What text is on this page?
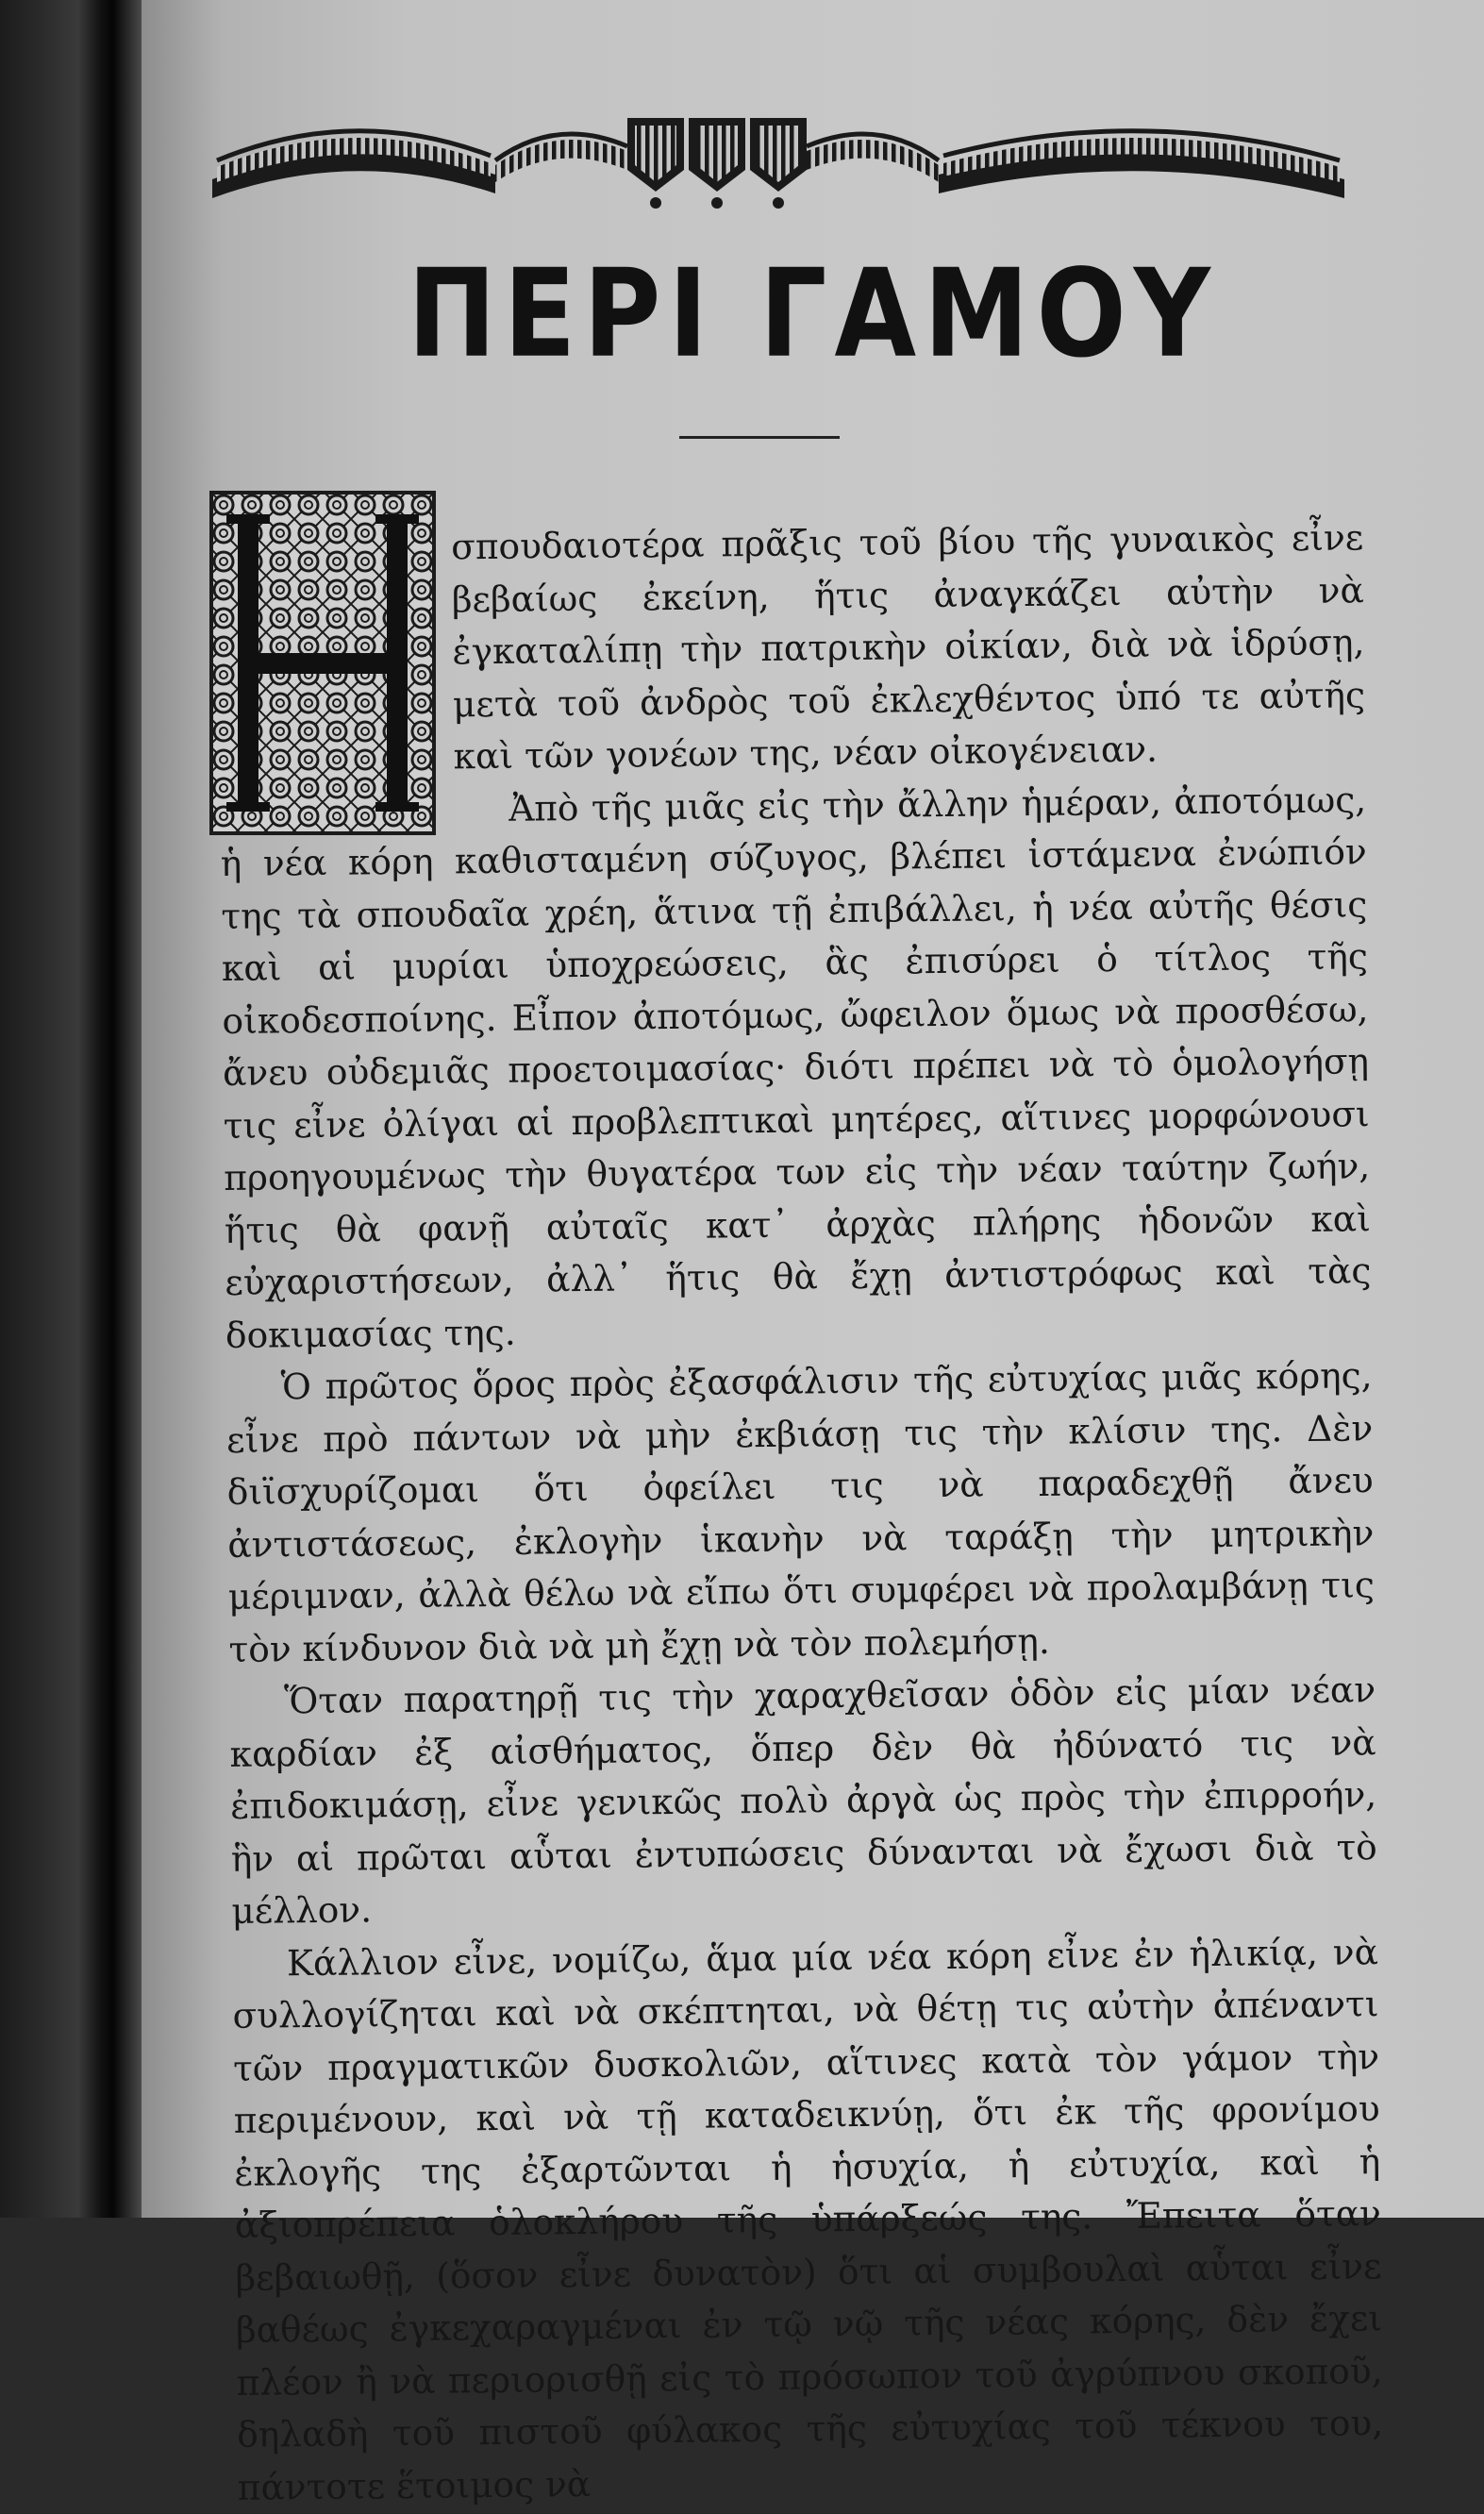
ΠΕΡΙ ΓΑΜΟΥ

σπουδαιοτέρα πρᾶξις τοῦ βίου τῆς γυναικὸς εἶνε βεβαίως ἐκείνη, ἥτις ἀναγκάζει αὐτὴν νὰ ἐγκαταλίπῃ τὴν πατρικὴν οἰκίαν, διὰ νὰ ἱδρύσῃ, μετὰ τοῦ ἀνδρὸς τοῦ ἐκλεχθέντος ὑπό τε αὐτῆς καὶ τῶν γονέων της, νέαν οἰκογένειαν.

Ἀπὸ τῆς μιᾶς εἰς τὴν ἄλλην ἡμέραν, ἀποτόμως, ἡ νέα κόρη καθισταμένη σύζυγος, βλέπει ἱστάμενα ἐνώπιόν της τὰ σπουδαῖα χρέη, ἅτινα τῇ ἐπιβάλλει, ἡ νέα αὐτῆς θέσις καὶ αἱ μυρίαι ὑποχρεώσεις, ἃς ἐπισύρει ὁ τίτλος τῆς οἰκοδεσποίνης. Εἶπον ἀποτόμως, ὤφειλον ὅμως νὰ προσθέσω, ἄνευ οὐδεμιᾶς προετοιμασίας· διότι πρέπει νὰ τὸ ὁμολογήσῃ τις εἶνε ὀλίγαι αἱ προβλεπτικαὶ μητέρες, αἵτινες μορφώνουσι προηγουμένως τὴν θυγατέρα των εἰς τὴν νέαν ταύτην ζωήν, ἥτις θὰ φανῇ αὐταῖς κατ᾽ ἀρχὰς πλήρης ἡδονῶν καὶ εὐχαριστήσεων, ἀλλ᾽ ἥτις θὰ ἔχῃ ἀντιστρόφως καὶ τὰς δοκιμασίας της.

Ὁ πρῶτος ὅρος πρὸς ἐξασφάλισιν τῆς εὐτυχίας μιᾶς κόρης, εἶνε πρὸ πάντων νὰ μὴν ἐκβιάσῃ τις τὴν κλίσιν της. Δὲν διϊσχυρίζομαι ὅτι ὀφείλει τις νὰ παραδεχθῇ ἄνευ ἀντιστάσεως, ἐκλογὴν ἱκανὴν νὰ ταράξῃ τὴν μητρικὴν μέριμναν, ἀλλὰ θέλω νὰ εἴπω ὅτι συμφέρει νὰ προλαμβάνῃ τις τὸν κίνδυνον διὰ νὰ μὴ ἔχῃ νὰ τὸν πολεμήσῃ.

Ὅταν παρατηρῇ τις τὴν χαραχθεῖσαν ὁδὸν εἰς μίαν νέαν καρδίαν ἐξ αἰσθήματος, ὅπερ δὲν θὰ ἠδύνατό τις νὰ ἐπιδοκιμάσῃ, εἶνε γενικῶς πολὺ ἀργὰ ὡς πρὸς τὴν ἐπιρροήν, ἣν αἱ πρῶται αὗται ἐντυπώσεις δύνανται νὰ ἔχωσι διὰ τὸ μέλλον.

Κάλλιον εἶνε, νομίζω, ἅμα μία νέα κόρη εἶνε ἐν ἡλικίᾳ, νὰ συλλογίζηται καὶ νὰ σκέπτηται, νὰ θέτῃ τις αὐτὴν ἀπέναντι τῶν πραγματικῶν δυσκολιῶν, αἵτινες κατὰ τὸν γάμον τὴν περιμένουν, καὶ νὰ τῇ καταδεικνύῃ, ὅτι ἐκ τῆς φρονίμου ἐκλογῆς της ἐξαρτῶνται ἡ ἡσυχία, ἡ εὐτυχία, καὶ ἡ ἀξιοπρέπεια ὁλοκλήρου τῆς ὑπάρξεώς της. Ἔπειτα ὅταν βεβαιωθῇ, (ὅσον εἶνε δυνατὸν) ὅτι αἱ συμβουλαὶ αὗται εἶνε βαθέως ἐγκεχαραγμέναι ἐν τῷ νῷ τῆς νέας κόρης, δὲν ἔχει πλέον ἢ νὰ περιορισθῇ εἰς τὸ πρόσωπον τοῦ ἀγρύπνου σκοποῦ, δηλαδὴ τοῦ πιστοῦ φύλακος τῆς εὐτυχίας τοῦ τέκνου του, πάντοτε ἕτοιμος νὰ
